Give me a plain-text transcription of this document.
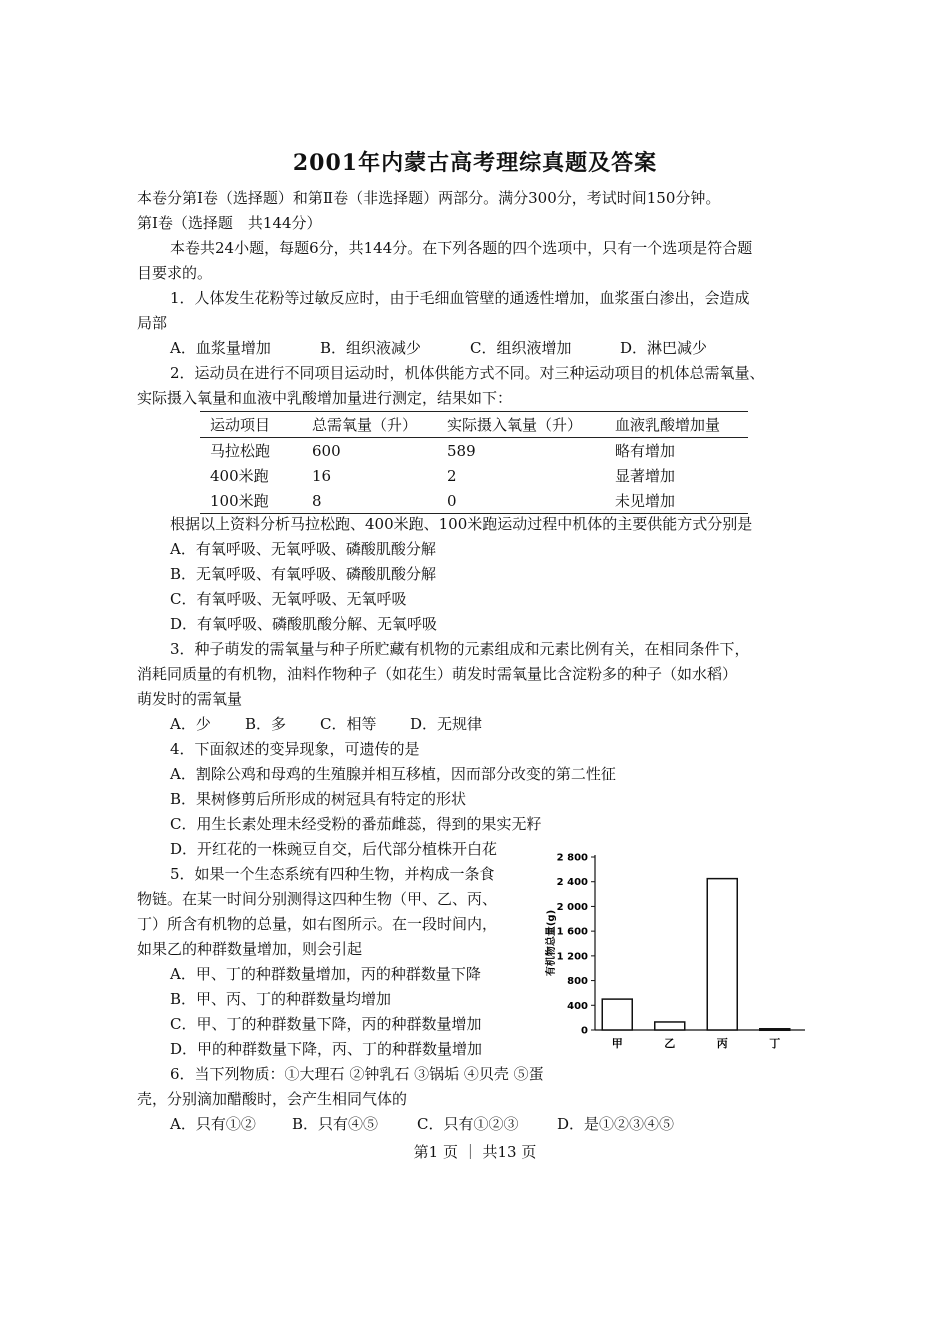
2001年内蒙古高考理综真题及答案
本卷分第Ⅰ卷（选择题）和第Ⅱ卷（非选择题）两部分。满分300分，考试时间150分钟。
第Ⅰ卷（选择题　共144分）
本卷共24小题，每题6分，共144分。在下列各题的四个选项中，只有一个选项是符合题
目要求的。
1．人体发生花粉等过敏反应时，由于毛细血管壁的通透性增加，血浆蛋白渗出，会造成
局部
A．血浆量增加	B．组织液减少	C．组织液增加	D．淋巴减少
2．运动员在进行不同项目运动时，机体供能方式不同。对三种运动项目的机体总需氧量、
实际摄入氧量和血液中乳酸增加量进行测定，结果如下：
运动项目	总需氧量（升）	实际摄入氧量（升）	血液乳酸增加量
马拉松跑	600	589	略有增加
400米跑	16	2	显著增加
100米跑	8	0	未见增加
根据以上资料分析马拉松跑、400米跑、100米跑运动过程中机体的主要供能方式分别是
A．有氧呼吸、无氧呼吸、磷酸肌酸分解
B．无氧呼吸、有氧呼吸、磷酸肌酸分解
C．有氧呼吸、无氧呼吸、无氧呼吸
D．有氧呼吸、磷酸肌酸分解、无氧呼吸
3．种子萌发的需氧量与种子所贮藏有机物的元素组成和元素比例有关，在相同条件下，
消耗同质量的有机物，油料作物种子（如花生）萌发时需氧量比含淀粉多的种子（如水稻）
萌发时的需氧量
A．少 B．多 C．相等 D．无规律
4．下面叙述的变异现象，可遗传的是
A．割除公鸡和母鸡的生殖腺并相互移植，因而部分改变的第二性征
B．果树修剪后所形成的树冠具有特定的形状
C．用生长素处理未经受粉的番茄雌蕊，得到的果实无籽
D．开红花的一株豌豆自交，后代部分植株开白花
5．如果一个生态系统有四种生物，并构成一条食
物链。在某一时间分别测得这四种生物（甲、乙、丙、
丁）所含有机物的总量，如右图所示。在一段时间内，
如果乙的种群数量增加，则会引起
A．甲、丁的种群数量增加，丙的种群数量下降
B．甲、丙、丁的种群数量均增加
C．甲、丁的种群数量下降，丙的种群数量增加
D．甲的种群数量下降，丙、丁的种群数量增加
6．当下列物质：①大理石 ②钟乳石 ③锅垢 ④贝壳 ⑤蛋
壳，分别滴加醋酸时，会产生相同气体的
A．只有①② B．只有④⑤	C．只有①②③	D．是①②③④⑤
有机物总量(g)
0
400
800
1 200
1 600
2 000
2 400
2 800
甲	乙	丙	丁
第1 页 ｜ 共13 页
